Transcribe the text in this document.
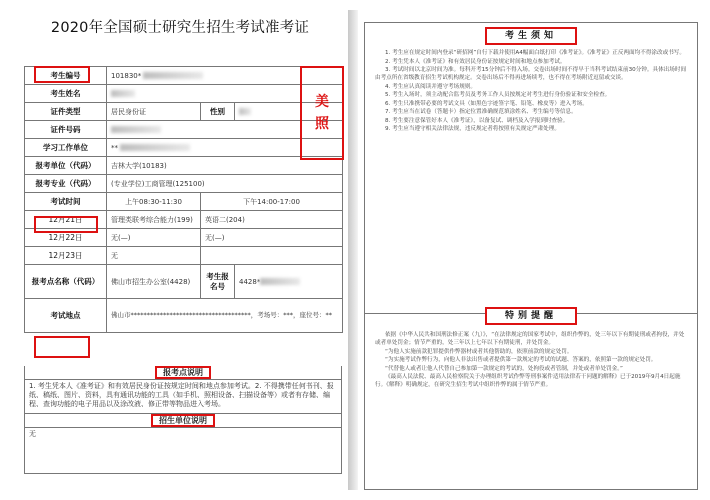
2020年全国硕士研究生招生考试准考证
考生编号	101830*		
考生姓名			
证件类型	居民身份证	性别	
证件号码			
学习工作单位	**		
报考单位（代码）	吉林大学(10183)		
报考专业（代码）	(专业学位)工商管理(125100)		
考试时间	上午08:30-11:30	下午14:00-17:00	
12月21日	管理类联考综合能力(199)	英语二(204)	
12月22日	无(—)	无(—)	
12月23日	无		
报考点名称（代码）	佛山市招生办公室(4428)	考生报名号	4428*
考试地点	佛山市*************************************，考场号：***，座位号：**		
美
照
报考点说明
1. 考生凭本人《准考证》和有效居民身份证按规定时间和地点参加考试。2. 不得携带任何书刊、报纸、稿纸、图片、资料，具有通讯功能的工具（如手机、照相设备、扫描设备等）或者有存储、编程、查询功能的电子用品以及涂改液、修正带等物品进入考场。
招生单位说明
无
考生须知

1. 考生应在规定时间内登录“研招网”自行下载并使用A4幅面白纸打印《准考证》。《准考证》正反两面均不得涂改或书写。

2. 考生凭本人《准考证》和有效居民身份证按规定时间和地点参加考试。

3. 考试时间以北京时间为准。每科开考15分钟后不得入场。交卷出场时间不得早于当科考试结束前30分钟。具体出场时间由考点所在省级教育招生考试机构规定。交卷出场后不得再进场续考，也不得在考场附近逗留或交谈。

4. 考生应认真阅读并遵守考场规则。

5. 考生入场时，须主动配合监考员及考务工作人员按规定对考生进行身份验证和安全检查。

6. 考生只准携带必要的考试文具（如黑色字迹签字笔、铅笔、橡皮等）进入考场。

7. 考生应当在试卷（答题卡）指定位置准确规范填涂姓名、考生编号等信息。

8. 考生要注意保管好本人《准考证》，以备复试、调档及入学报到时查验。

9. 考生应当遵守相关法律法规，违反规定者将按照有关规定严肃处理。

特别提醒

依据《中华人民共和国刑法修正案（九）》，“在法律规定的国家考试中，组织作弊的，处三年以下有期徒刑或者拘役，并处或者单处罚金；情节严重的，处三年以上七年以下有期徒刑，并处罚金。

“为他人实施前款犯罪提供作弊器材或者其他帮助的，依照前款的规定处罚。

“为实施考试作弊行为，向他人非法出售或者提供第一款规定的考试的试题、答案的，依照第一款的规定处罚。

“代替他人或者让他人代替自己参加第一款规定的考试的，处拘役或者管制，并处或者单处罚金。”

《最高人民法院、最高人民检察院关于办理组织考试作弊等刑事案件适用法律若干问题的解释》已于2019年9月4日起施行。《解释》明确规定，在研究生招生考试中组织作弊的属于情节严重。
